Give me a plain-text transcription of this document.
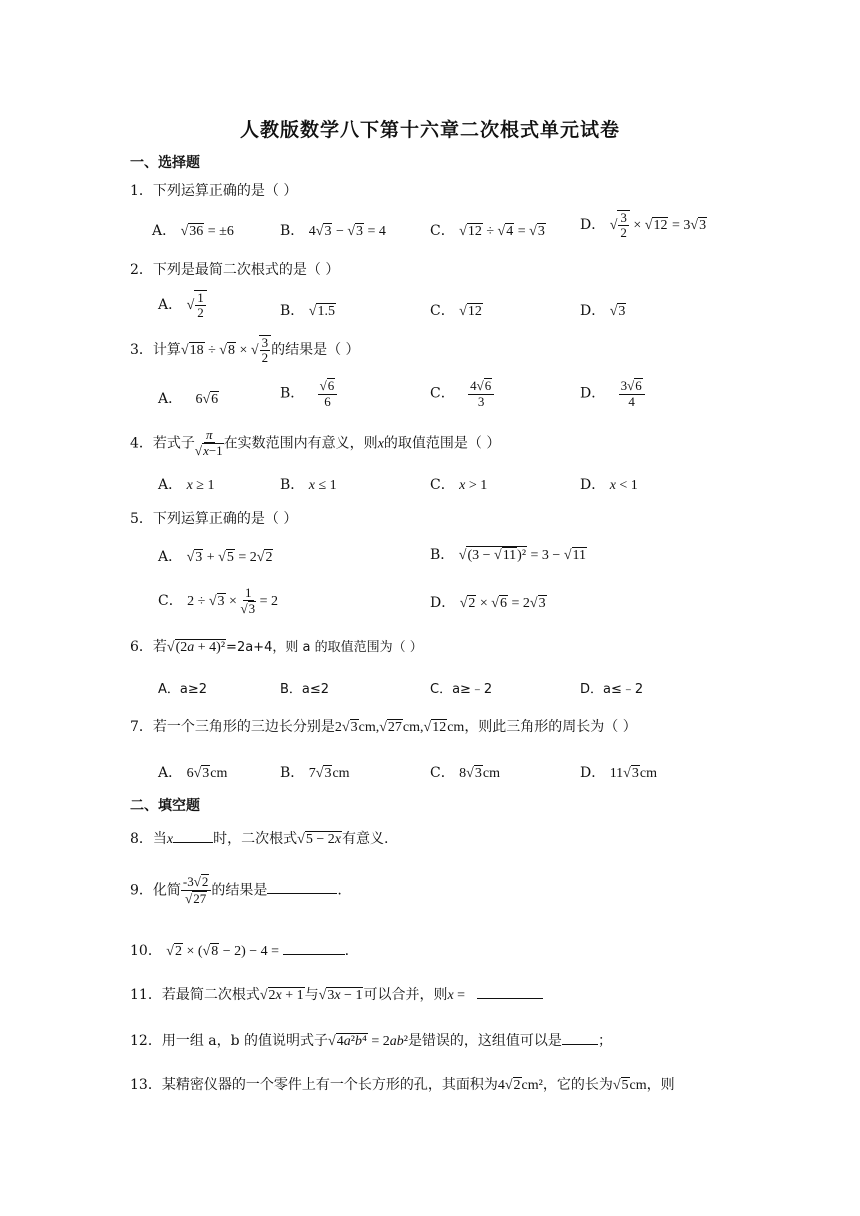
人教版数学八下第十六章二次根式单元试卷
一、选择题
1．下列运算正确的是（ ）
A． √36 = ±6	B． 4√3 − √3 = 4	C． √12 ÷ √4 = √3	D． √ $\frac{3}{2} \times √12 = 3√3$
2．下列是最简二次根式的是（ ）
A． √ $\frac{1}{2}$	B． √1.5	C． √12	D． √3
3．计算√18 ÷ √8 × √ $\frac{3}{2}$ 的结果是（ ）
A． 6√6	B． $\frac{√6}{6}$	C． $\frac{4√6}{3}$	D． $\frac{3√6}{4}$
4．若式子 $\frac{\pi}{√x-1}$ 在实数范围内有意义，则x的取值范围是（ ）
A． x ≥ 1	B． x ≤ 1	C． x > 1	D． x < 1
5．下列运算正确的是（ ）
A． √3 + √5 = 2√2	B． √(3 − √11)² = 3 − √11
C． $2 \div √3 \times \frac{1}{√3} = 2$	D． √2 × √6 = 2√3
6．若√(2a + 4)²=2a+4，则 a 的取值范围为（ ）
A．a≥2	B．a≤2	C．a≥﹣2	D．a≤﹣2
7．若一个三角形的三边长分别是2√3cm,√27cm,√12cm，则此三角形的周长为（ ）
A． 6√3cm	B． 7√3cm	C． 8√3cm	D． 11√3cm
二、填空题
8．当x	时，二次根式√5 − 2x有意义.
9．化简 $\frac{-3√2}{√27}$ 的结果是	.
10． √2 × (√8 − 2) − 4 =	.
11．若最简二次根式√2x + 1与√3x − 1可以合并，则x =
12．用一组 a，b 的值说明式子√4a²b⁴ = 2ab²是错误的，这组值可以是	；
13．某精密仪器的一个零件上有一个长方形的孔，其面积为4√2cm²，它的长为√5cm，则
